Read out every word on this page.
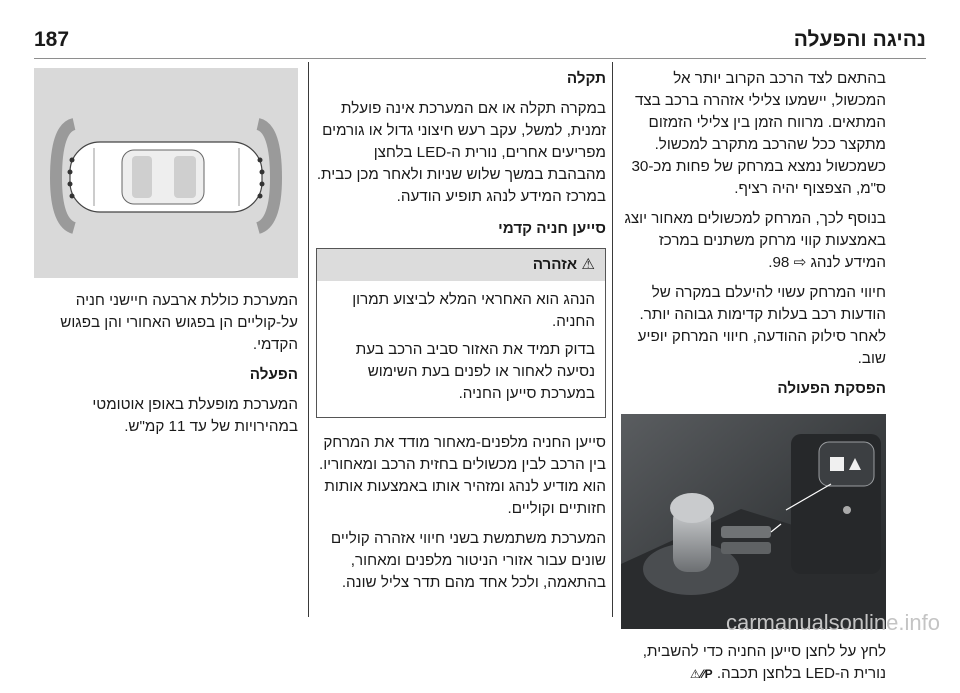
187	נהיגה והפעלה

בהתאם לצד הרכב הקרוב יותר אל המכשול, יישמעו צלילי אזהרה ברכב בצד המתאים. מרווח הזמן בין צלילי הזמזום מתקצר ככל שהרכב מתקרב למכשול. כשמכשול נמצא במרחק של פחות מכ-30 ס"מ, הצפצוף יהיה רציף.

בנוסף לכך, המרחק למכשולים מאחור יוצג באמצעות קווי מרחק משתנים במרכז המידע לנהג ⇨ 98.

חיווי המרחק עשוי להיעלם במקרה של הודעות רכב בעלות קדימות גבוהה יותר. לאחר סילוק ההודעה, חיווי המרחק יופיע שוב.

הפסקת הפעולה

לחץ על לחצן סייען החניה כדי להשבית, נורית ה-LED בלחצן תכבה. P⁄⁄⚠

תקלה

במקרה תקלה או אם המערכת אינה פועלת זמנית, למשל, עקב רעש חיצוני גדול או גורמים מפריעים אחרים, נורית ה-LED בלחצן מהבהבת במשך שלוש שניות ולאחר מכן כבית. במרכז המידע לנהג תופיע הודעה.

סייען חניה קדמי

⚠ אזהרה

הנהג הוא האחראי המלא לביצוע תמרון החניה.

בדוק תמיד את האזור סביב הרכב בעת נסיעה לאחור או לפנים בעת השימוש במערכת סייען החניה.

סייען החניה מלפנים-מאחור מודד את המרחק בין הרכב לבין מכשולים בחזית הרכב ומאחוריו. הוא מודיע לנהג ומזהיר אותו באמצעות אותות חזותיים וקוליים.

המערכת משתמשת בשני חיווי אזהרה קוליים שונים עבור אזורי הניטור מלפנים ומאחור, בהתאמה, ולכל אחד מהם תדר צליל שונה.

המערכת כוללת ארבעה חיישני חניה על-קוליים הן בפגוש האחורי והן בפגוש הקדמי.

הפעלה

המערכת מופעלת באופן אוטומטי במהירויות של עד 11 קמ"ש.

carmanualsonline.info
